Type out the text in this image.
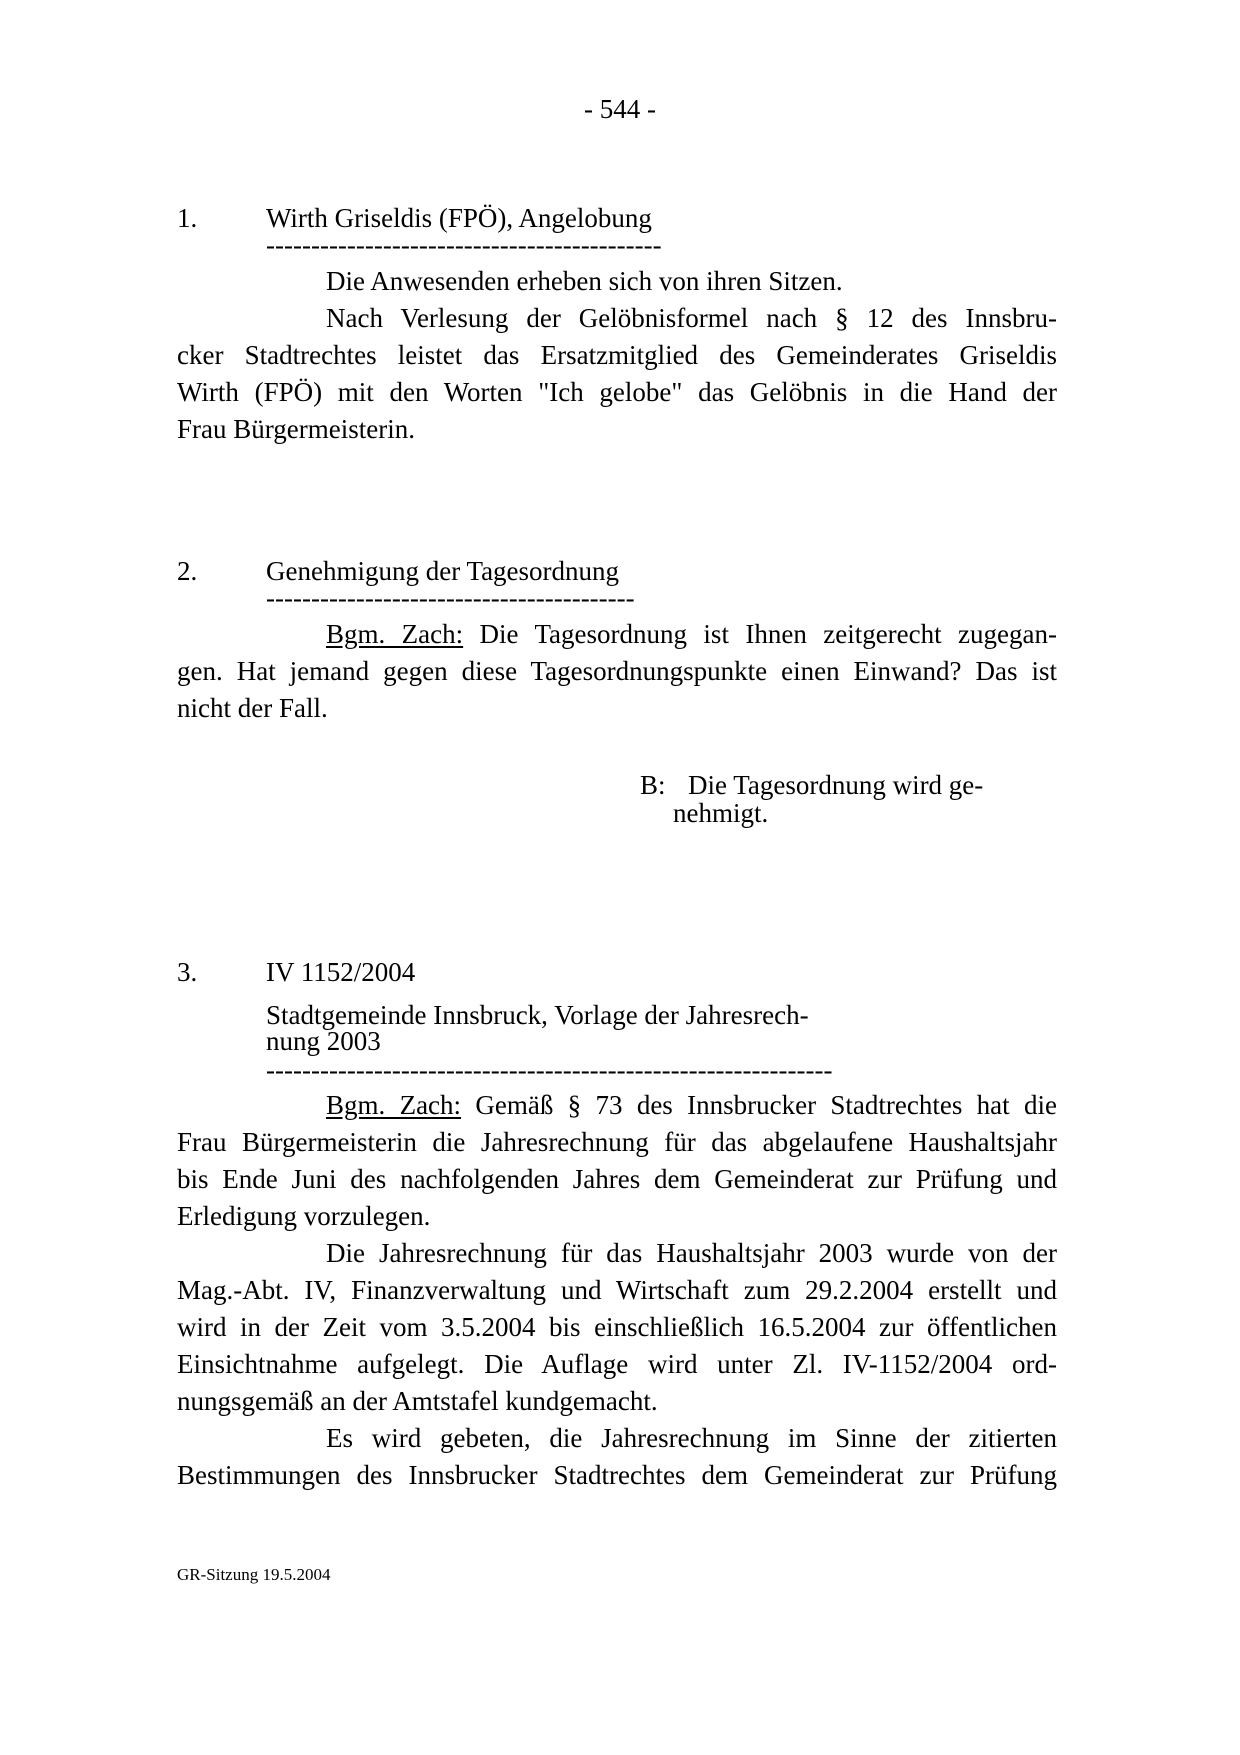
- 544 -
1.	Wirth Griseldis (FPÖ), Angelobung
--------------------------------------------
Die Anwesenden erheben sich von ihren Sitzen.
Nach Verlesung der Gelöbnisformel nach § 12 des Innsbru-
cker Stadtrechtes leistet das Ersatzmitglied des Gemeinderates Griseldis
Wirth (FPÖ) mit den Worten "Ich gelobe" das Gelöbnis in die Hand der
Frau Bürgermeisterin.
2.	Genehmigung der Tagesordnung
-----------------------------------------
Bgm. Zach: Die Tagesordnung ist Ihnen zeitgerecht zugegan-
gen. Hat jemand gegen diese Tagesordnungspunkte einen Einwand? Das ist
nicht der Fall.
B: Die Tagesordnung wird ge-
nehmigt.
3.	IV 1152/2004
Stadtgemeinde Innsbruck, Vorlage der Jahresrech-
nung 2003
---------------------------------------------------------------
Bgm. Zach: Gemäß § 73 des Innsbrucker Stadtrechtes hat die
Frau Bürgermeisterin die Jahresrechnung für das abgelaufene Haushaltsjahr
bis Ende Juni des nachfolgenden Jahres dem Gemeinderat zur Prüfung und
Erledigung vorzulegen.
Die Jahresrechnung für das Haushaltsjahr 2003 wurde von der
Mag.-Abt. IV, Finanzverwaltung und Wirtschaft zum 29.2.2004 erstellt und
wird in der Zeit vom 3.5.2004 bis einschließlich 16.5.2004 zur öffentlichen
Einsichtnahme aufgelegt. Die Auflage wird unter Zl. IV-1152/2004 ord-
nungsgemäß an der Amtstafel kundgemacht.
Es wird gebeten, die Jahresrechnung im Sinne der zitierten
Bestimmungen des Innsbrucker Stadtrechtes dem Gemeinderat zur Prüfung
GR-Sitzung 19.5.2004
